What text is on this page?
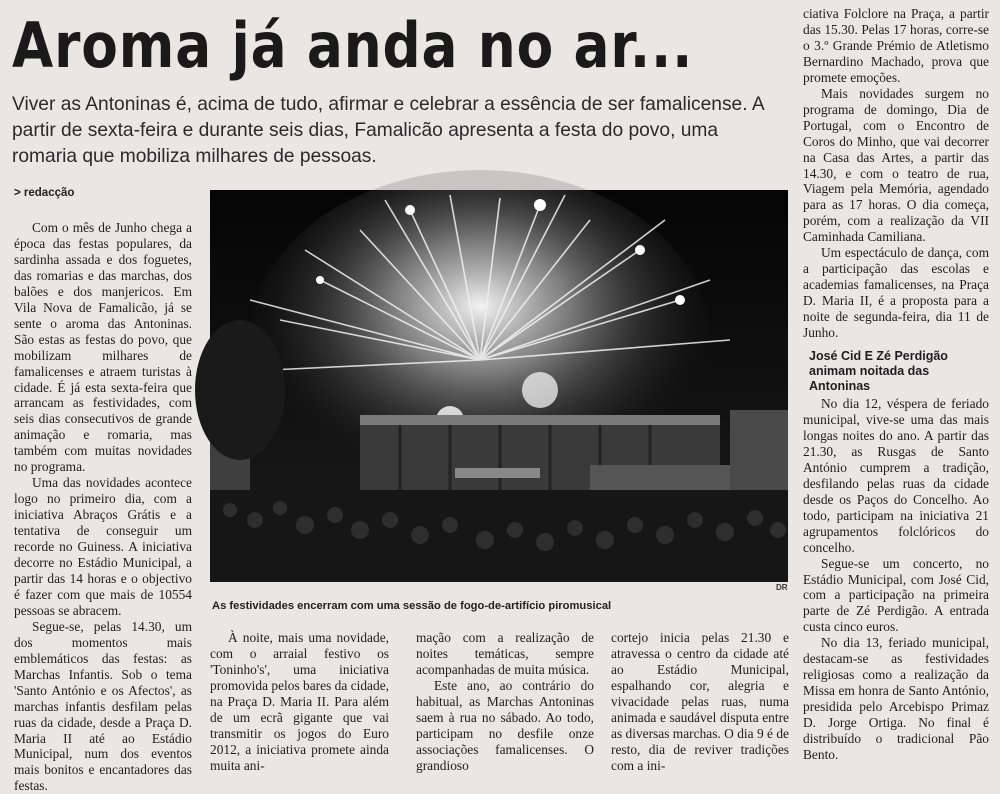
Aroma já anda no ar...
Viver as Antoninas é, acima de tudo, afirmar e celebrar a essência de ser famalicense. A partir de sexta-feira e durante seis dias, Famalicão apresenta a festa do povo, uma romaria que mobiliza milhares de pessoas.
> redacção

Com o mês de Junho chega a época das festas populares, da sardinha assada e dos foguetes, das romarias e das marchas, dos balões e dos manjericos. Em Vila Nova de Famalicão, já se sente o aroma das Antoninas. São estas as festas do povo, que mobilizam milhares de famalicenses e atraem turistas à cidade. É já esta sexta-feira que arrancam as festividades, com seis dias consecutivos de grande animação e romaria, mas também com muitas novidades no programa.

Uma das novidades acontece logo no primeiro dia, com a iniciativa Abraços Grátis e a tentativa de conseguir um recorde no Guiness. A iniciativa decorre no Estádio Municipal, a partir das 14 horas e o objectivo é fazer com que mais de 10554 pessoas se abracem.

Segue-se, pelas 14.30, um dos momentos mais emblemáticos das festas: as Marchas Infantis. Sob o tema 'Santo António e os Afectos', as marchas infantis desfilam pelas ruas da cidade, desde a Praça D. Maria II até ao Estádio Municipal, num dos eventos mais bonitos e encantadores das festas.

DR
As festividades encerram com uma sessão de fogo-de-artifício piromusical

À noite, mais uma novidade, com o arraial festivo os 'Toninho's', uma iniciativa promovida pelos bares da cidade, na Praça D. Maria II. Para além de um ecrã gigante que vai transmitir os jogos do Euro 2012, a iniciativa promete ainda muita ani-

mação com a realização de noites temáticas, sempre acompanhadas de muita música.

Este ano, ao contrário do habitual, as Marchas Antoninas saem à rua no sábado. Ao todo, participam no desfile onze associações famalicenses. O grandioso

cortejo inicia pelas 21.30 e atravessa o centro da cidade até ao Estádio Municipal, espalhando cor, alegria e vivacidade pelas ruas, numa animada e saudável disputa entre as diversas marchas. O dia 9 é de resto, dia de reviver tradições com a ini-

ciativa Folclore na Praça, a partir das 15.30. Pelas 17 horas, corre-se o 3.º Grande Prémio de Atletismo Bernardino Machado, prova que promete emoções.

Mais novidades surgem no programa de domingo, Dia de Portugal, com o Encontro de Coros do Minho, que vai decorrer na Casa das Artes, a partir das 14.30, e com o teatro de rua, Viagem pela Memória, agendado para as 17 horas. O dia começa, porém, com a realização da VII Caminhada Camiliana.

Um espectáculo de dança, com a participação das escolas e academias famalicenses, na Praça D. Maria II, é a proposta para a noite de segunda-feira, dia 11 de Junho.

José Cid E Zé Perdigão animam noitada das Antoninas

No dia 12, véspera de feriado municipal, vive-se uma das mais longas noites do ano. A partir das 21.30, as Rusgas de Santo António cumprem a tradição, desfilando pelas ruas da cidade desde os Paços do Concelho. Ao todo, participam na iniciativa 21 agrupamentos folclóricos do concelho.

Segue-se um concerto, no Estádio Municipal, com José Cid, com a participação na primeira parte de Zé Perdigão. A entrada custa cinco euros.

No dia 13, feriado municipal, destacam-se as festividades religiosas como a realização da Missa em honra de Santo António, presidida pelo Arcebispo Primaz D. Jorge Ortiga. No final é distribuído o tradicional Pão Bento.
